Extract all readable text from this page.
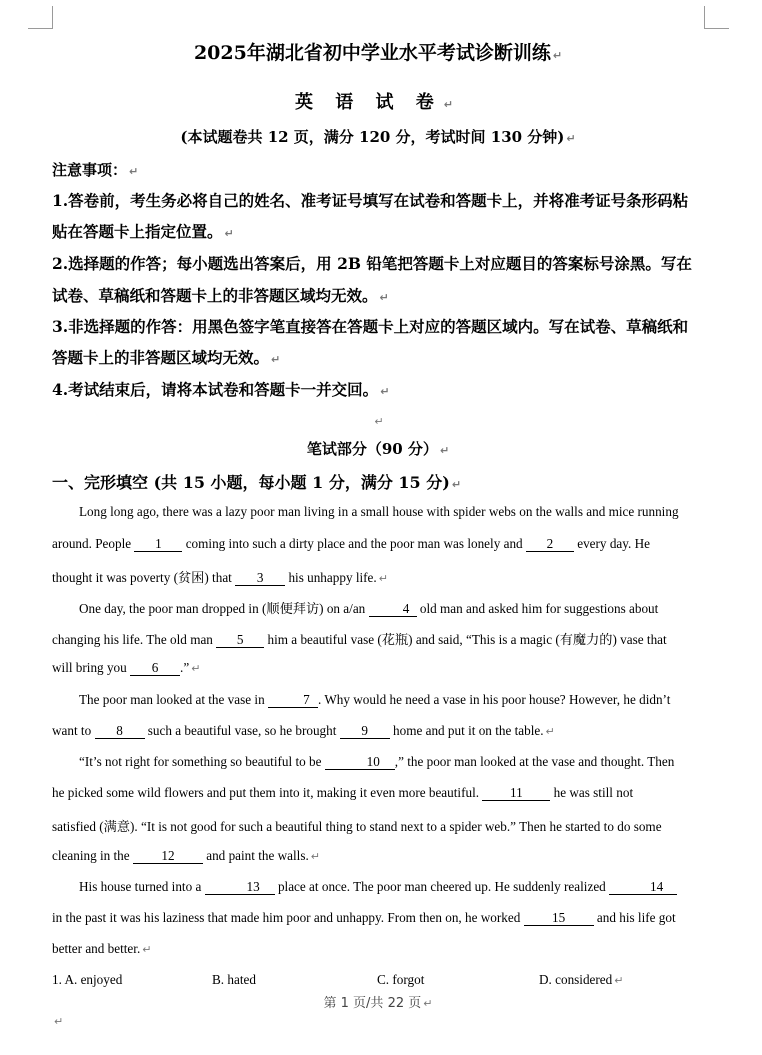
2025年湖北省初中学业水平考试诊断训练 ↵
英 语 试 卷 ↵
(本试题卷共 12 页，满分 120 分，考试时间 130 分钟) ↵
注意事项： ↵
1.答卷前，考生务必将自己的姓名、准考证号填写在试卷和答题卡上，并将准考证号条形码粘
贴在答题卡上指定位置。 ↵
2.选择题的作答；每小题选出答案后，用 2B 铅笔把答题卡上对应题目的答案标号涂黑。写在
试卷、草稿纸和答题卡上的非答题区域均无效。 ↵
3.非选择题的作答：用黑色签字笔直接答在答题卡上对应的答题区域内。写在试卷、草稿纸和
答题卡上的非答题区域均无效。 ↵
4.考试结束后，请将本试卷和答题卡一并交回。 ↵
↵
笔试部分（90 分） ↵
一、完形填空 (共 15 小题，每小题 1 分，满分 15 分) ↵
Long long ago, there was a lazy poor man living in a small house with spider webs on the walls and mice running
around. People 1 coming into such a dirty place and the poor man was lonely and 2 every day. He
thought it was poverty (贫困) that 3 his unhappy life. ↵
One day, the poor man dropped in (顺便拜访) on a/an	4 old man and asked him for suggestions about
changing his life. The old man 5 him a beautiful vase (花瓶) and said, “This is a magic (有魔力的) vase that
will bring you 6 .” ↵
The poor man looked at the vase in	7 . Why would he need a vase in his poor house? However, he didn’t
want to 8 such a beautiful vase, so he brought 9 home and put it on the table. ↵
“It’s not right for something so beautiful to be	10 ,” the poor man looked at the vase and thought. Then
he picked some wild flowers and put them into it, making it even more beautiful. 11 he was still not
satisfied (满意). “It is not good for such a beautiful thing to stand next to a spider web.” Then he started to do some
cleaning in the 12 and paint the walls. ↵
His house turned into a	13 place at once. The poor man cheered up. He suddenly realized	14
in the past it was his laziness that made him poor and unhappy. From then on, he worked 15 and his life got
better and better. ↵
1. A. enjoyed	B. hated	C. forgot	D. considered ↵
第 1 页/共 22 页 ↵
↵
